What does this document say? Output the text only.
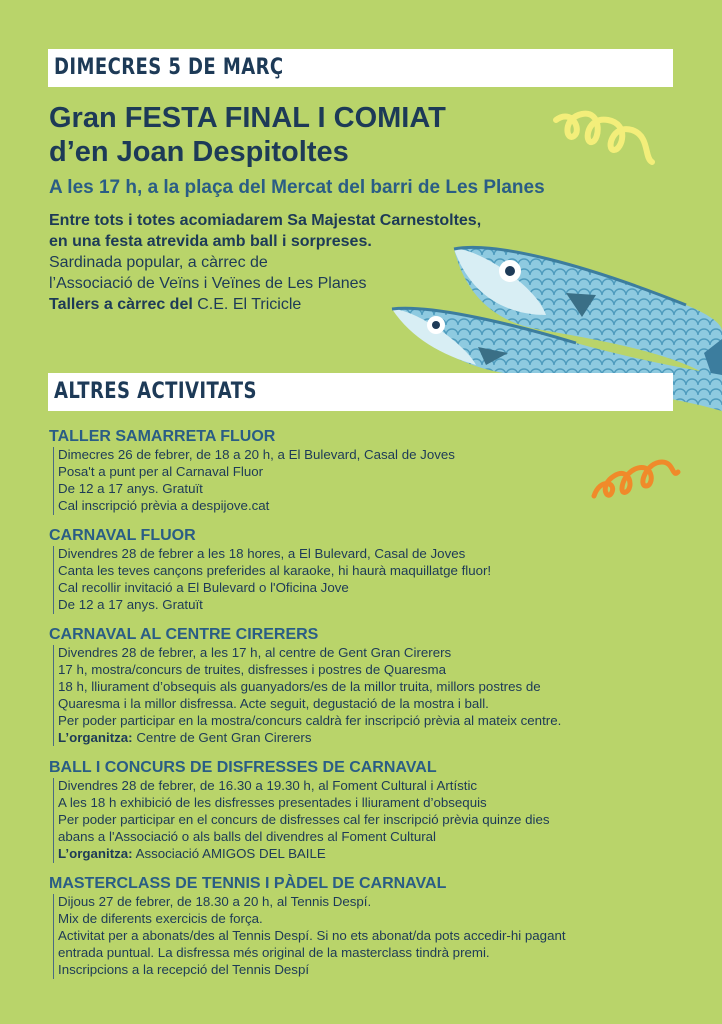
DIMECRES 5 DE MARÇ
Gran FESTA FINAL I COMIAT
d’en Joan Despitoltes
A les 17 h, a la plaça del Mercat del barri de Les Planes
Entre tots i totes acomiadarem Sa Majestat Carnestoltes,
en una festa atrevida amb ball i sorpreses.
Sardinada popular, a càrrec de
l’Associació de Veïns i Veïnes de Les Planes
Tallers a càrrec del C.E. El Tricicle
ALTRES ACTIVITATS
TALLER SAMARRETA FLUOR
Dimecres 26 de febrer, de 18 a 20 h, a El Bulevard, Casal de Joves
Posa't a punt per al Carnaval Fluor
De 12 a 17 anys. Gratuït
Cal inscripció prèvia a despijove.cat
CARNAVAL FLUOR
Divendres 28 de febrer a les 18 hores, a El Bulevard, Casal de Joves
Canta les teves cançons preferides al karaoke, hi haurà maquillatge fluor!
Cal recollir invitació a El Bulevard o l'Oficina Jove
De 12 a 17 anys. Gratuït
CARNAVAL AL CENTRE CIRERERS
Divendres 28 de febrer, a les 17 h, al centre de Gent Gran Cirerers
17 h, mostra/concurs de truites, disfresses i postres de Quaresma
18 h, lliurament d’obsequis als guanyadors/es de la millor truita, millors postres de
Quaresma i la millor disfressa. Acte seguit, degustació de la mostra i ball.
Per poder participar en la mostra/concurs caldrà fer inscripció prèvia al mateix centre.
L’organitza: Centre de Gent Gran Cirerers
BALL I CONCURS DE DISFRESSES DE CARNAVAL
Divendres 28 de febrer, de 16.30 a 19.30 h, al Foment Cultural i Artístic
A les 18 h exhibició de les disfresses presentades i lliurament d’obsequis
Per poder participar en el concurs de disfresses cal fer inscripció prèvia quinze dies
abans a l'Associació o als balls del divendres al Foment Cultural
L’organitza: Associació AMIGOS DEL BAILE
MASTERCLASS DE TENNIS I PÀDEL DE CARNAVAL
Dijous 27 de febrer, de 18.30 a 20 h, al Tennis Despí.
Mix de diferents exercicis de força.
Activitat per a abonats/des al Tennis Despí. Si no ets abonat/da pots accedir-hi pagant
entrada puntual. La disfressa més original de la masterclass tindrà premi.
Inscripcions a la recepció del Tennis Despí
